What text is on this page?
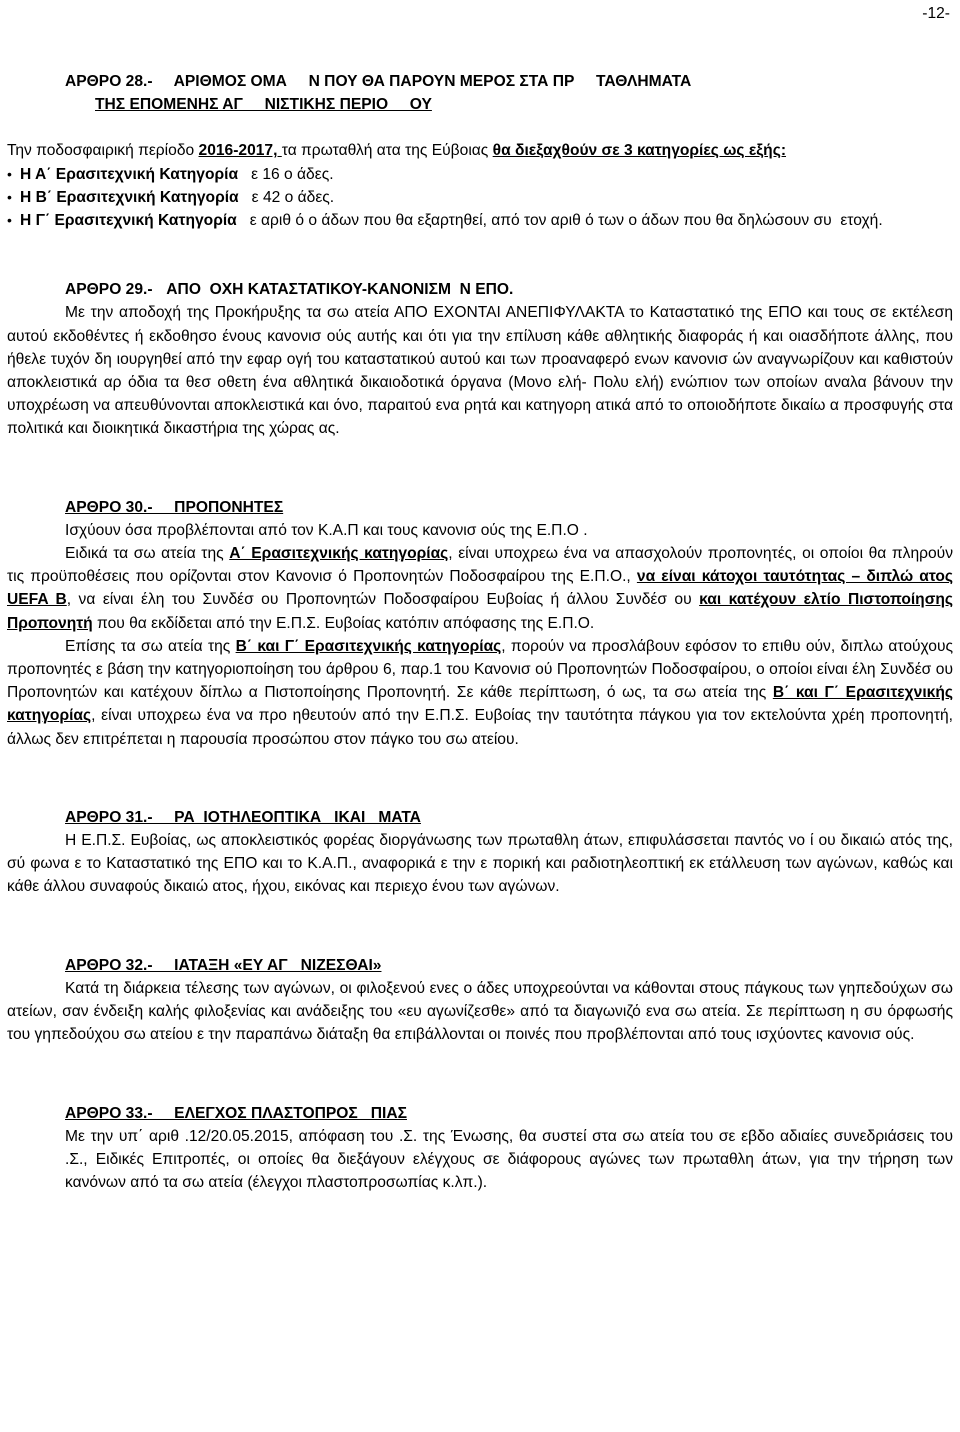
-12-

ΑΡΘΡΟ 28.-     ΑΡΙΘΜΟΣ ΟΜΑ     Ν ΠΟΥ ΘΑ ΠΑΡΟΥΝ ΜΕΡΟΣ ΣΤΑ ΠΡ     ΤΑΘΛΗΜΑΤΑ

ΤΗΣ ΕΠΟΜΕΝΗΣ ΑΓ     ΝΙΣΤΙΚΗΣ ΠΕΡΙΟ     ΟΥ

Την ποδοσφαιρική περίοδο 2016-2017, τα πρωταθλή ατα της Εύβοιας θα διεξαχθούν σε 3 κατηγορίες ως εξής:

• Η Α΄ Ερασιτεχνική Κατηγορία   ε 16 ο άδες.
• Η Β΄ Ερασιτεχνική Κατηγορία   ε 42 ο άδες.
• Η Γ΄ Ερασιτεχνική Κατηγορία   ε αριθ ό ο άδων που θα εξαρτηθεί, από τον αριθ ό των ο άδων που θα δηλώσουν συ  ετοχή.

ΑΡΘΡΟ 29.- ΑΠΟ  ΟΧΗ ΚΑΤΑΣΤΑΤΙΚΟΥ-ΚΑΝΟΝΙΣΜ  Ν ΕΠΟ.

Με την αποδοχή της Προκήρυξης τα σω ατεία ΑΠΟ ΕΧΟΝΤΑΙ ΑΝΕΠΙΦΥΛΑΚΤΑ το Καταστατικό της ΕΠΟ και τους σε εκτέλεση αυτού εκδοθέντες ή εκδοθησο ένους κανονισ ούς αυτής και ότι για την επίλυση κάθε αθλητικής διαφοράς ή και οιασδήποτε άλλης, που ήθελε τυχόν δη ιουργηθεί από την εφαρ ογή του καταστατικού αυτού και των προαναφερό ενων κανονισ ών αναγνωρίζουν και καθιστούν αποκλειστικά αρ όδια τα θεσ οθετη ένα αθλητικά δικαιοδοτικά όργανα (Μονο ελή- Πολυ ελή) ενώπιον των οποίων αναλα βάνουν την υποχρέωση να απευθύνονται αποκλειστικά και όνο, παραιτού ενα ρητά και κατηγορη ατικά από το οποιοδήποτε δικαίω α προσφυγής στα πολιτικά και διοικητικά δικαστήρια της χώρας ας.

ΑΡΘΡΟ 30.-     ΠΡΟΠΟΝΗΤΕΣ

Ισχύουν όσα προβλέπονται από τον Κ.Α.Π και τους κανονισ ούς της Ε.Π.Ο .

Ειδικά τα σω ατεία της Α΄ Ερασιτεχνικής κατηγορίας, είναι υποχρεω ένα να απασχολούν προπονητές, οι οποίοι θα πληρούν τις προϋποθέσεις που ορίζονται στον Κανονισ ό Προπονητών Ποδοσφαίρου της Ε.Π.Ο., να είναι κάτοχοι ταυτότητας – διπλώ ατος UEFA B, να είναι έλη του Συνδέσ ου Προπονητών Ποδοσφαίρου Ευβοίας ή άλλου Συνδέσ ου και κατέχουν ελτίο Πιστοποίησης Προπονητή που θα εκδίδεται από την Ε.Π.Σ. Ευβοίας κατόπιν απόφασης της Ε.Π.Ο.

Επίσης τα σω ατεία της Β΄ και Γ΄ Ερασιτεχνικής κατηγορίας, πορούν να προσλάβουν εφόσον το επιθυ ούν, διπλω ατούχους προπονητές ε βάση την κατηγοριοποίηση του άρθρου 6, παρ.1 του Κανονισ ού Προπονητών Ποδοσφαίρου, ο οποίοι είναι έλη Συνδέσ ου Προπονητών και κατέχουν δίπλω α Πιστοποίησης Προπονητή. Σε κάθε περίπτωση, ό ως, τα σω ατεία της Β΄ και Γ΄ Ερασιτεχνικής κατηγορίας, είναι υποχρεω ένα να προ ηθευτούν από την Ε.Π.Σ. Ευβοίας την ταυτότητα πάγκου για τον εκτελούντα χρέη προπονητή, άλλως δεν επιτρέπεται η παρουσία προσώπου στον πάγκο του σω ατείου.

ΑΡΘΡΟ 31.-     ΡΑ  ΙΟΤΗΛΕΟΠΤΙΚΑ   ΙΚΑΙ   ΜΑΤΑ

Η Ε.Π.Σ. Ευβοίας, ως αποκλειστικός φορέας διοργάνωσης των πρωταθλη άτων, επιφυλάσσεται παντός νο ί ου δικαιώ ατός της, σύ φωνα ε το Καταστατικό της ΕΠΟ και το Κ.Α.Π., αναφορικά ε την ε πορική και ραδιοτηλεοπτική εκ ετάλλευση των αγώνων, καθώς και κάθε άλλου συναφούς δικαιώ ατος, ήχου, εικόνας και περιεχο ένου των αγώνων.

ΑΡΘΡΟ 32.-     ΙΑΤΑΞΗ «ΕΥ ΑΓ   ΝΙΖΕΣΘΑΙ»

Κατά τη διάρκεια τέλεσης των αγώνων, οι φιλοξενού ενες ο άδες υποχρεούνται να κάθονται στους πάγκους των γηπεδούχων σω ατείων, σαν ένδειξη καλής φιλοξενίας και ανάδειξης του «ευ αγωνίζεσθε» από τα διαγωνιζό ενα σω ατεία. Σε περίπτωση η συ όρφωσής του γηπεδούχου σω ατείου ε την παραπάνω διάταξη θα επιβάλλονται οι ποινές που προβλέπονται από τους ισχύοντες κανονισ ούς.

ΑΡΘΡΟ 33.-     ΕΛΕΓΧΟΣ ΠΛΑΣΤΟΠΡΟΣ   ΠΙΑΣ

Με την υπ΄ αριθ .12/20.05.2015, απόφαση του .Σ. της Ένωσης, θα συστεί στα σω ατεία του σε εβδο αδιαίες συνεδριάσεις του .Σ., Ειδικές Επιτροπές, οι οποίες θα διεξάγουν ελέγχους σε διάφορους αγώνες των πρωταθλη άτων, για την τήρηση των κανόνων από τα σω ατεία (έλεγχοι πλαστοπροσωπίας κ.λπ.).
